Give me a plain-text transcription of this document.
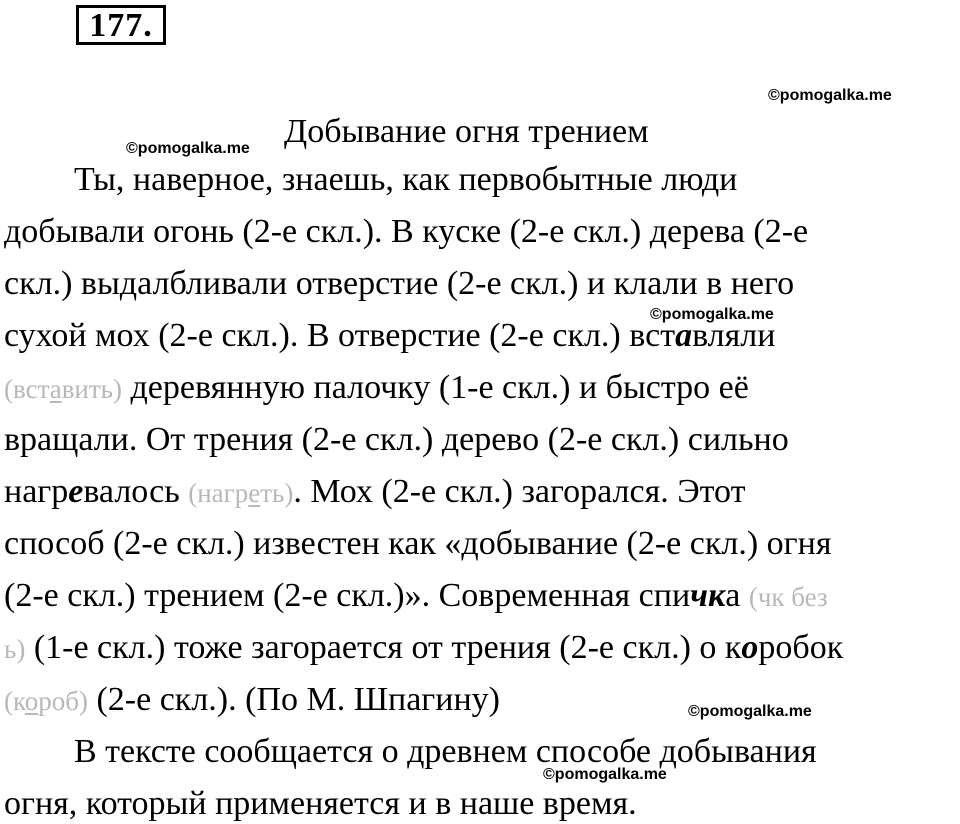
177.
©pomogalka.me
©pomogalka.me
©pomogalka.me
©pomogalka.me
Добывание огня трением
Ты, наверное, знаешь, как первобытные люди
добывали огонь (2-е скл.). В куске (2-е скл.) дерева (2-е
скл.) выдалбливали отверстие (2-е скл.) и клали в него
сухой мох (2-е скл.). В отверстие (2-е скл.) вставляли
(вставить) деревянную палочку (1-е скл.) и быстро её
вращали. От трения (2-е скл.) дерево (2-е скл.) сильно
нагревалось (нагреть). Мох (2-е скл.) загорался. Этот
способ (2-е скл.) известен как «добывание (2-е скл.) огня
(2-е скл.) трением (2-е скл.)». Современная спичка (чк без
ь) (1-е скл.) тоже загорается от трения (2-е скл.) о коробок
(короб) (2-е скл.). (По М. Шпагину)
В тексте сообщается о древнем способе добывания
огня, который применяется и в наше время.
©pomogalka.me
